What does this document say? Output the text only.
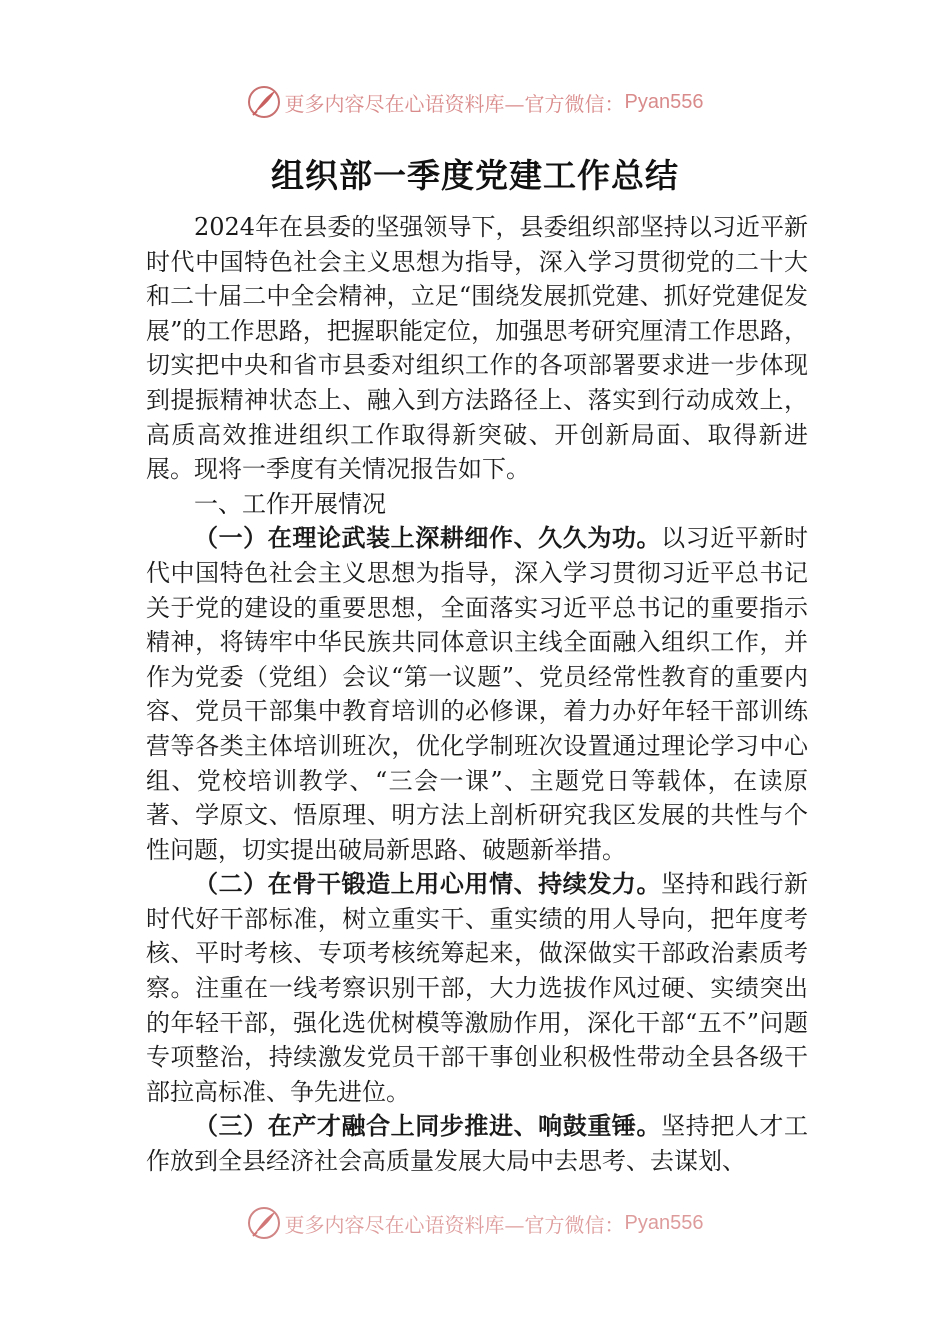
更多内容尽在心语资料库—官方微信： Pyan556
组织部一季度党建工作总结

2024年在县委的坚强领导下，县委组织部坚持以习近平新时代中国特色社会主义思想为指导，深入学习贯彻党的二十大和二十届二中全会精神，立足“围绕发展抓党建、抓好党建促发展”的工作思路，把握职能定位，加强思考研究厘清工作思路，切实把中央和省市县委对组织工作的各项部署要求进一步体现到提振精神状态上、融入到方法路径上、落实到行动成效上，高质高效推进组织工作取得新突破、开创新局面、取得新进展。现将一季度有关情况报告如下。

一、工作开展情况

（一）在理论武装上深耕细作、久久为功。以习近平新时代中国特色社会主义思想为指导，深入学习贯彻习近平总书记关于党的建设的重要思想，全面落实习近平总书记的重要指示精神，将铸牢中华民族共同体意识主线全面融入组织工作，并作为党委（党组）会议“第一议题”、党员经常性教育的重要内容、党员干部集中教育培训的必修课，着力办好年轻干部训练营等各类主体培训班次，优化学制班次设置通过理论学习中心组、党校培训教学、“三会一课”、主题党日等载体，在读原著、学原文、悟原理、明方法上剖析研究我区发展的共性与个性问题，切实提出破局新思路、破题新举措。

（二）在骨干锻造上用心用情、持续发力。坚持和践行新时代好干部标准，树立重实干、重实绩的用人导向，把年度考核、平时考核、专项考核统筹起来，做深做实干部政治素质考察。注重在一线考察识别干部，大力选拔作风过硬、实绩突出的年轻干部，强化选优树模等激励作用，深化干部“五不”问题专项整治，持续激发党员干部干事创业积极性带动全县各级干部拉高标准、争先进位。

（三）在产才融合上同步推进、响鼓重锤。坚持把人才工作放到全县经济社会高质量发展大局中去思考、去谋划、

更多内容尽在心语资料库—官方微信： Pyan556
